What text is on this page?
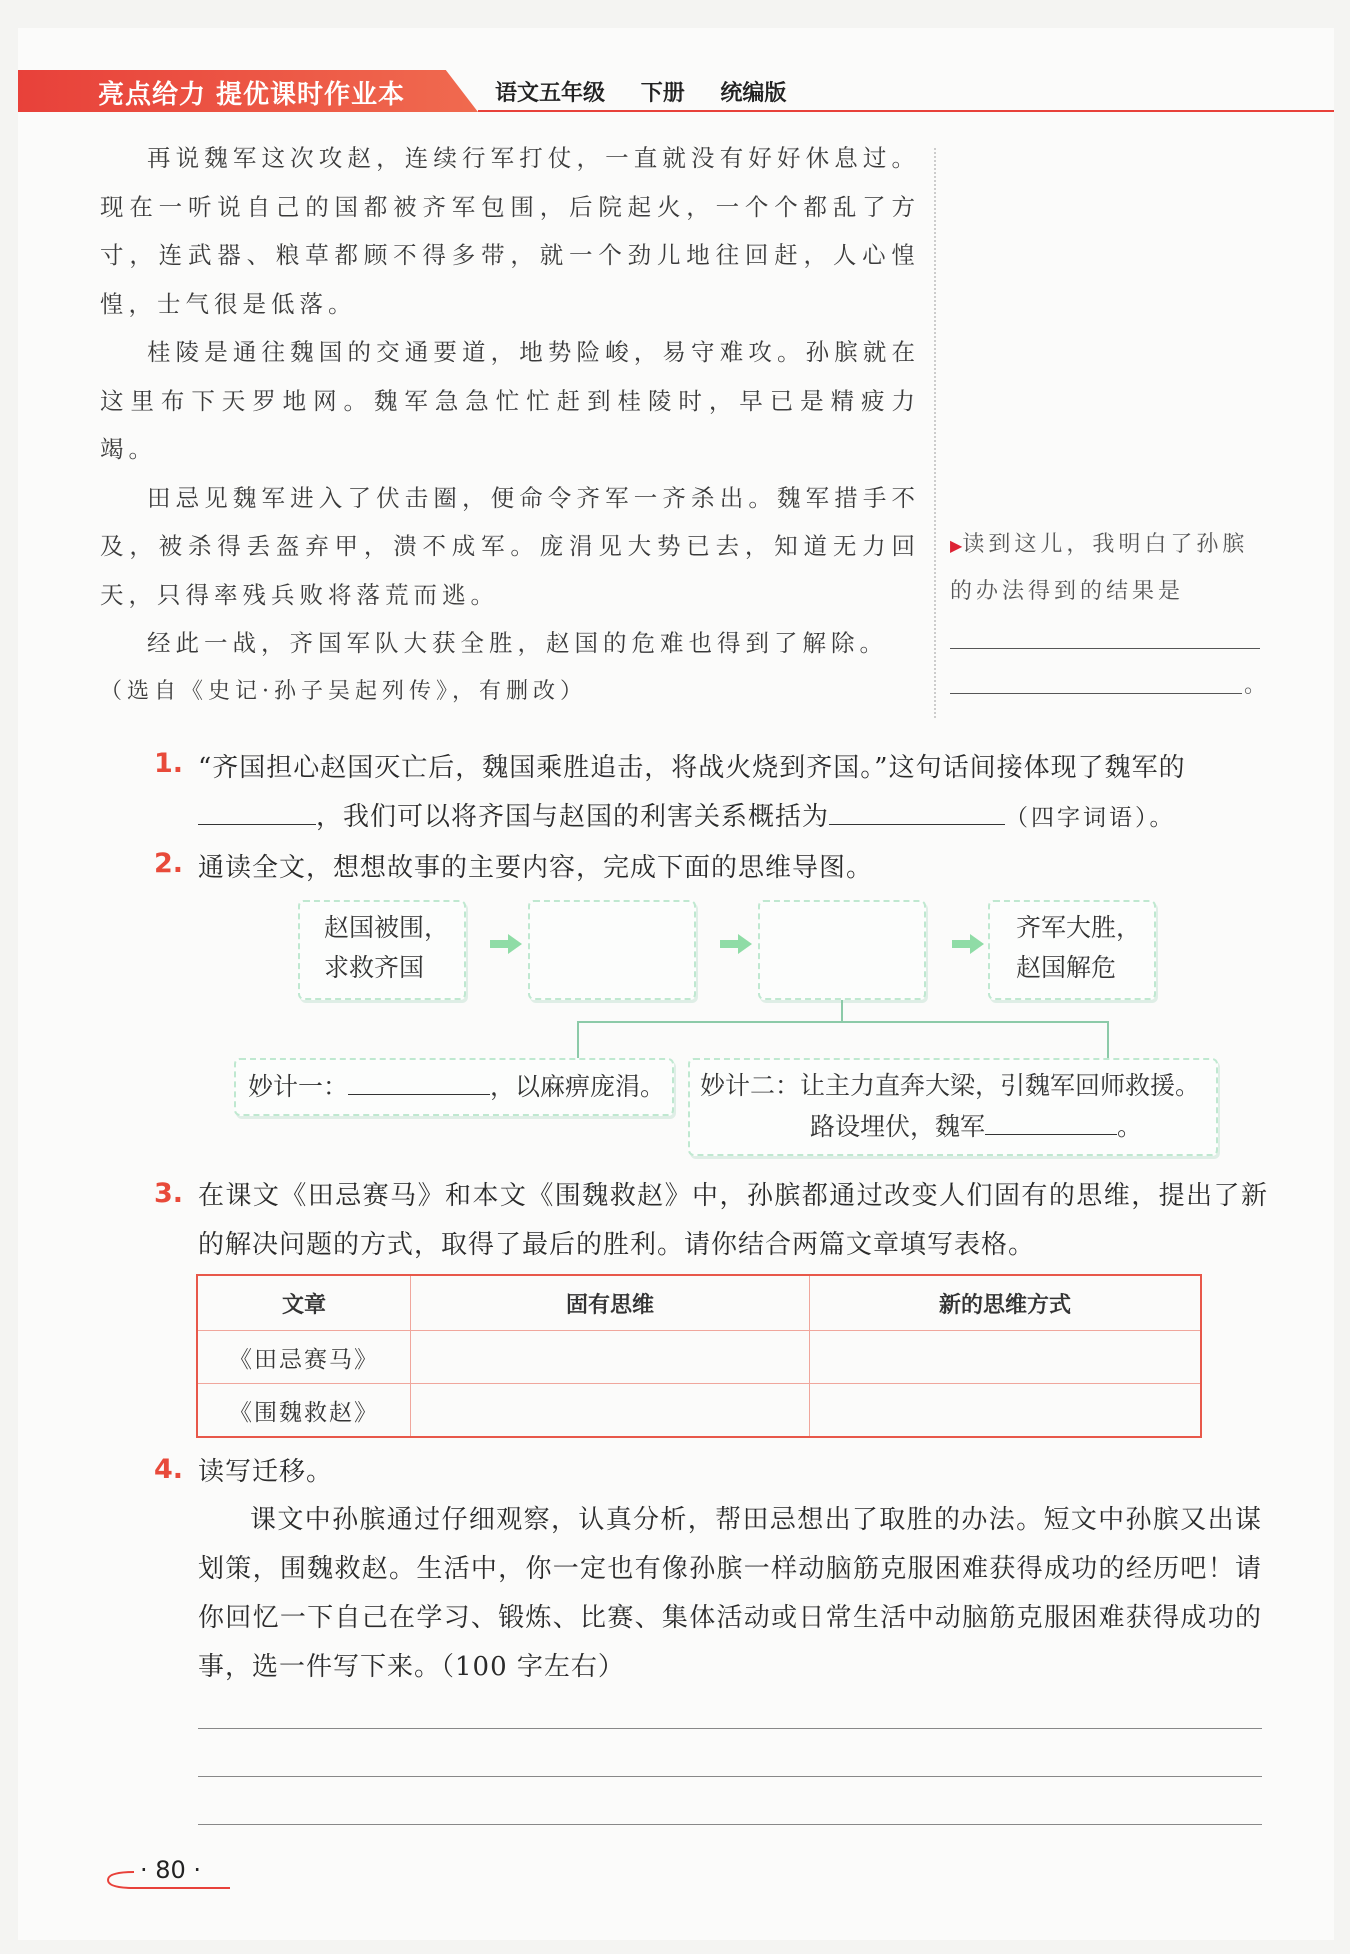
亮点给力 提优课时作业本	语文五年级 下册 统编版

再说魏军这次攻赵，连续行军打仗，一直就没有好好休息过。现在一听说自己的国都被齐军包围，后院起火，一个个都乱了方寸，连武器、粮草都顾不得多带，就一个劲儿地往回赶，人心惶惶，士气很是低落。

桂陵是通往魏国的交通要道，地势险峻，易守难攻。孙膑就在这里布下天罗地网。魏军急急忙忙赶到桂陵时，早已是精疲力竭。

田忌见魏军进入了伏击圈，便命令齐军一齐杀出。魏军措手不及，被杀得丢盔弃甲，溃不成军。庞涓见大势已去，知道无力回天，只得率残兵败将落荒而逃。

经此一战，齐国军队大获全胜，赵国的危难也得到了解除。

（选自《史记·孙子吴起列传》，有删改）

▶读到这儿，我明白了孙膑的办法得到的结果是
。
1. “齐国担心赵国灭亡后，魏国乘胜追击，将战火烧到齐国。”这句话间接体现了魏军的
，我们可以将齐国与赵国的利害关系概括为	（四字词语）。
2. 通读全文，想想故事的主要内容，完成下面的思维导图。
赵国被围，
求救齐国
齐军大胜，
赵国解危
妙计一：	，以麻痹庞涓。	妙计二：让主力直奔大梁，引魏军回师救援。
路设埋伏，魏军	。
3. 在课文《田忌赛马》和本文《围魏救赵》中，孙膑都通过改变人们固有的思维，提出了新的解决问题的方式，取得了最后的胜利。请你结合两篇文章填写表格。
文章	固有思维	新的思维方式
《田忌赛马》		
《围魏救赵》		
4. 读写迁移。
课文中孙膑通过仔细观察，认真分析，帮田忌想出了取胜的办法。短文中孙膑又出谋划策，围魏救赵。生活中，你一定也有像孙膑一样动脑筋克服困难获得成功的经历吧！请你回忆一下自己在学习、锻炼、比赛、集体活动或日常生活中动脑筋克服困难获得成功的事，选一件写下来。（100 字左右）
· 80 ·
